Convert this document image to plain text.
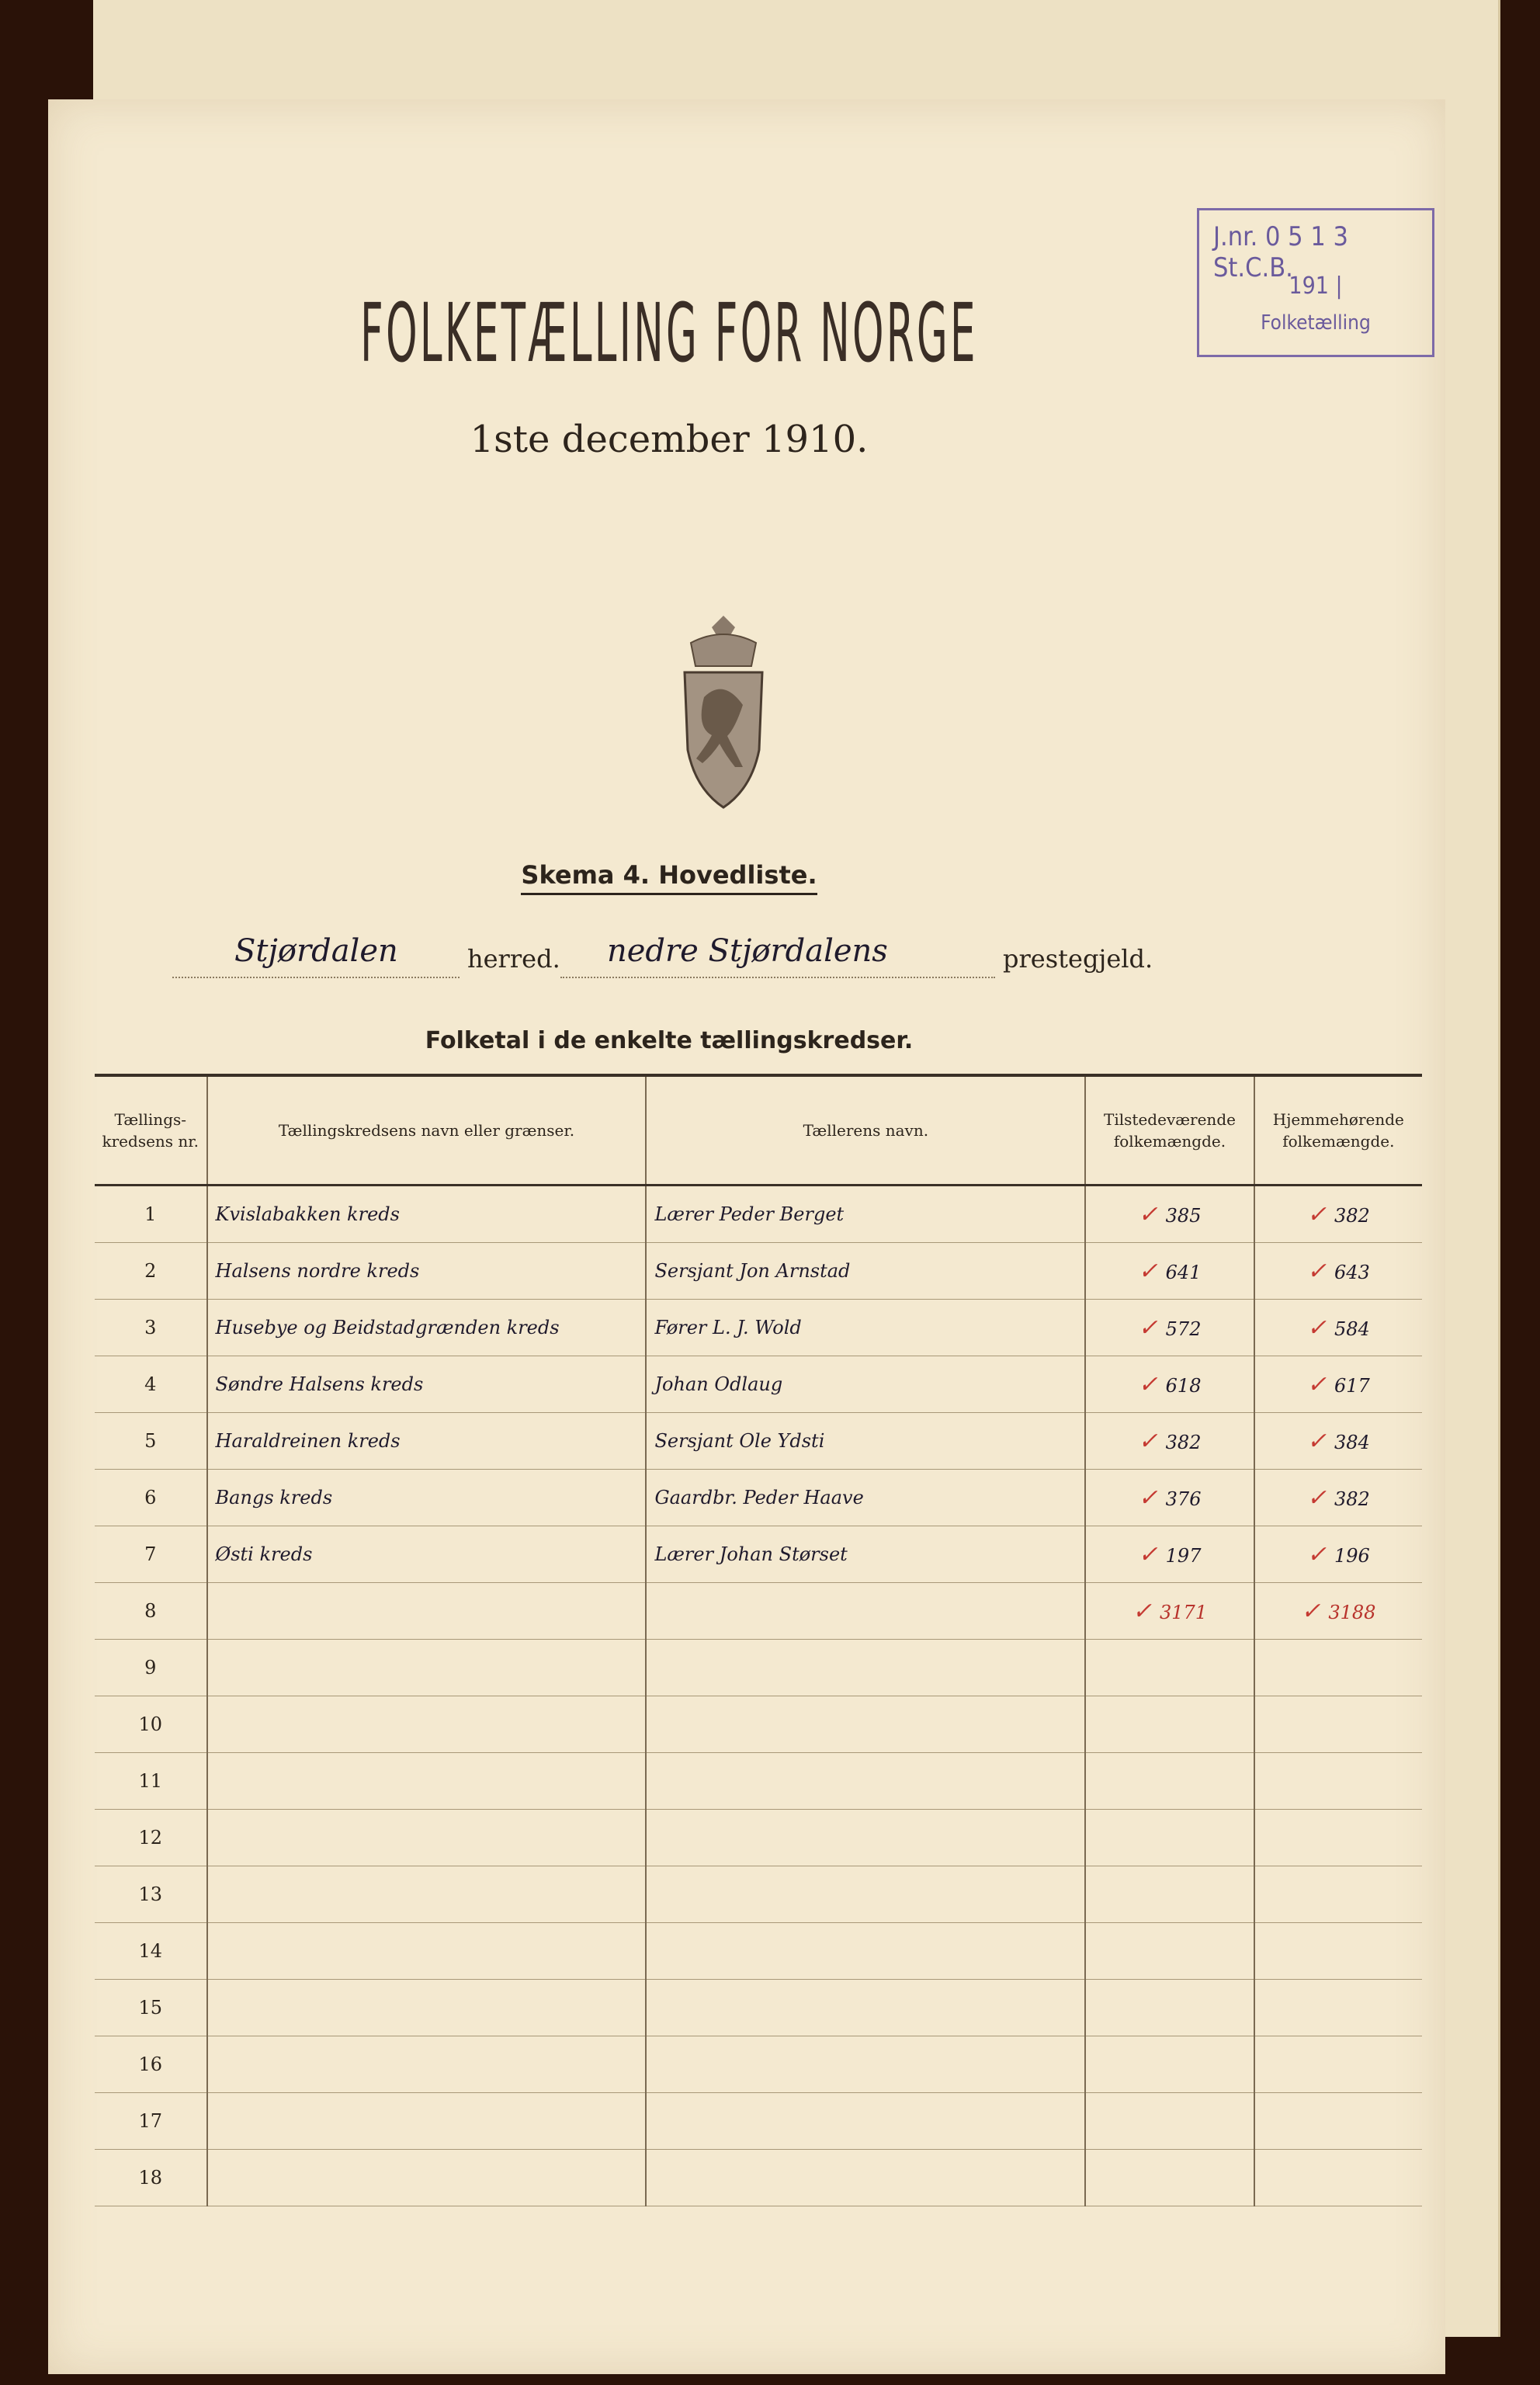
FOLKETÆLLING FOR NORGE
1ste december 1910.
J.nr. 0 5 1 3 St.C.B.
191 |
Folketælling
Skema 4. Hovedliste.
Stjørdalen	herred. nedre Stjørdalens	prestegjeld.
Folketal i de enkelte tællingskredser.
Tællings-
kredsens nr.	Tællingskredsens navn eller grænser.	Tællerens navn.	Tilstedeværende
folkemængde.	Hjemmehørende
folkemængde.
1	Kvislabakken kreds	Lærer Peder Berget	✓ 385	✓ 382
2	Halsens nordre kreds	Sersjant Jon Arnstad	✓ 641	✓ 643
3	Husebye og Beidstadgrænden kreds	Fører L. J. Wold	✓ 572	✓ 584
4	Søndre Halsens kreds	Johan Odlaug	✓ 618	✓ 617
5	Haraldreinen kreds	Sersjant Ole Ydsti	✓ 382	✓ 384
6	Bangs kreds	Gaardbr. Peder Haave	✓ 376	✓ 382
7	Østi kreds	Lærer Johan Størset	✓ 197	✓ 196
8			✓ 3171	✓ 3188
9				
10				
11				
12				
13				
14				
15				
16				
17				
18				
